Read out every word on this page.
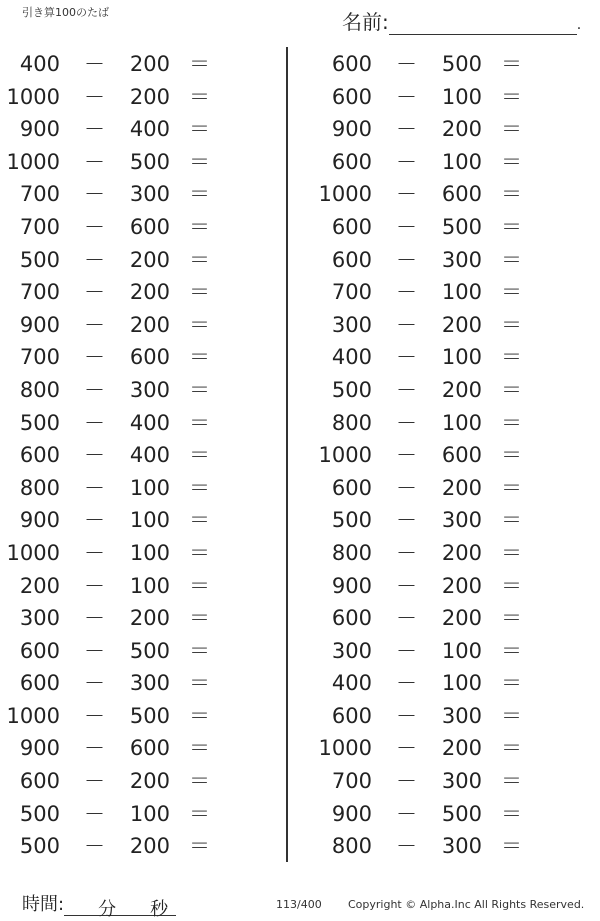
引き算100のたば	名前:	.
400 －	200 ＝
1000 －	200 ＝
900 －	400 ＝
1000 －	500 ＝
700 －	300 ＝
700 －	600 ＝
500 －	200 ＝
700 －	200 ＝
900 －	200 ＝
700 －	600 ＝
800 －	300 ＝
500 －	400 ＝
600 －	400 ＝
800 －	100 ＝
900 －	100 ＝
1000 －	100 ＝
200 －	100 ＝
300 －	200 ＝
600 －	500 ＝
600 －	300 ＝
1000 －	500 ＝
900 －	600 ＝
600 －	200 ＝
500 －	100 ＝
500 －	200 ＝
600 －	500 ＝
600 －	100 ＝
900 －	200 ＝
600 －	100 ＝
1000 －	600 ＝
600 －	500 ＝
600 －	300 ＝
700 －	100 ＝
300 －	200 ＝
400 －	100 ＝
500 －	200 ＝
800 －	100 ＝
1000 －	600 ＝
600 －	200 ＝
500 －	300 ＝
800 －	200 ＝
900 －	200 ＝
600 －	200 ＝
300 －	100 ＝
400 －	100 ＝
600 －	300 ＝
1000 －	200 ＝
700 －	300 ＝
900 －	500 ＝
800 －	300 ＝
時間: 分 秒	113/400 Copyright © Alpha.Inc All Rights Reserved.
